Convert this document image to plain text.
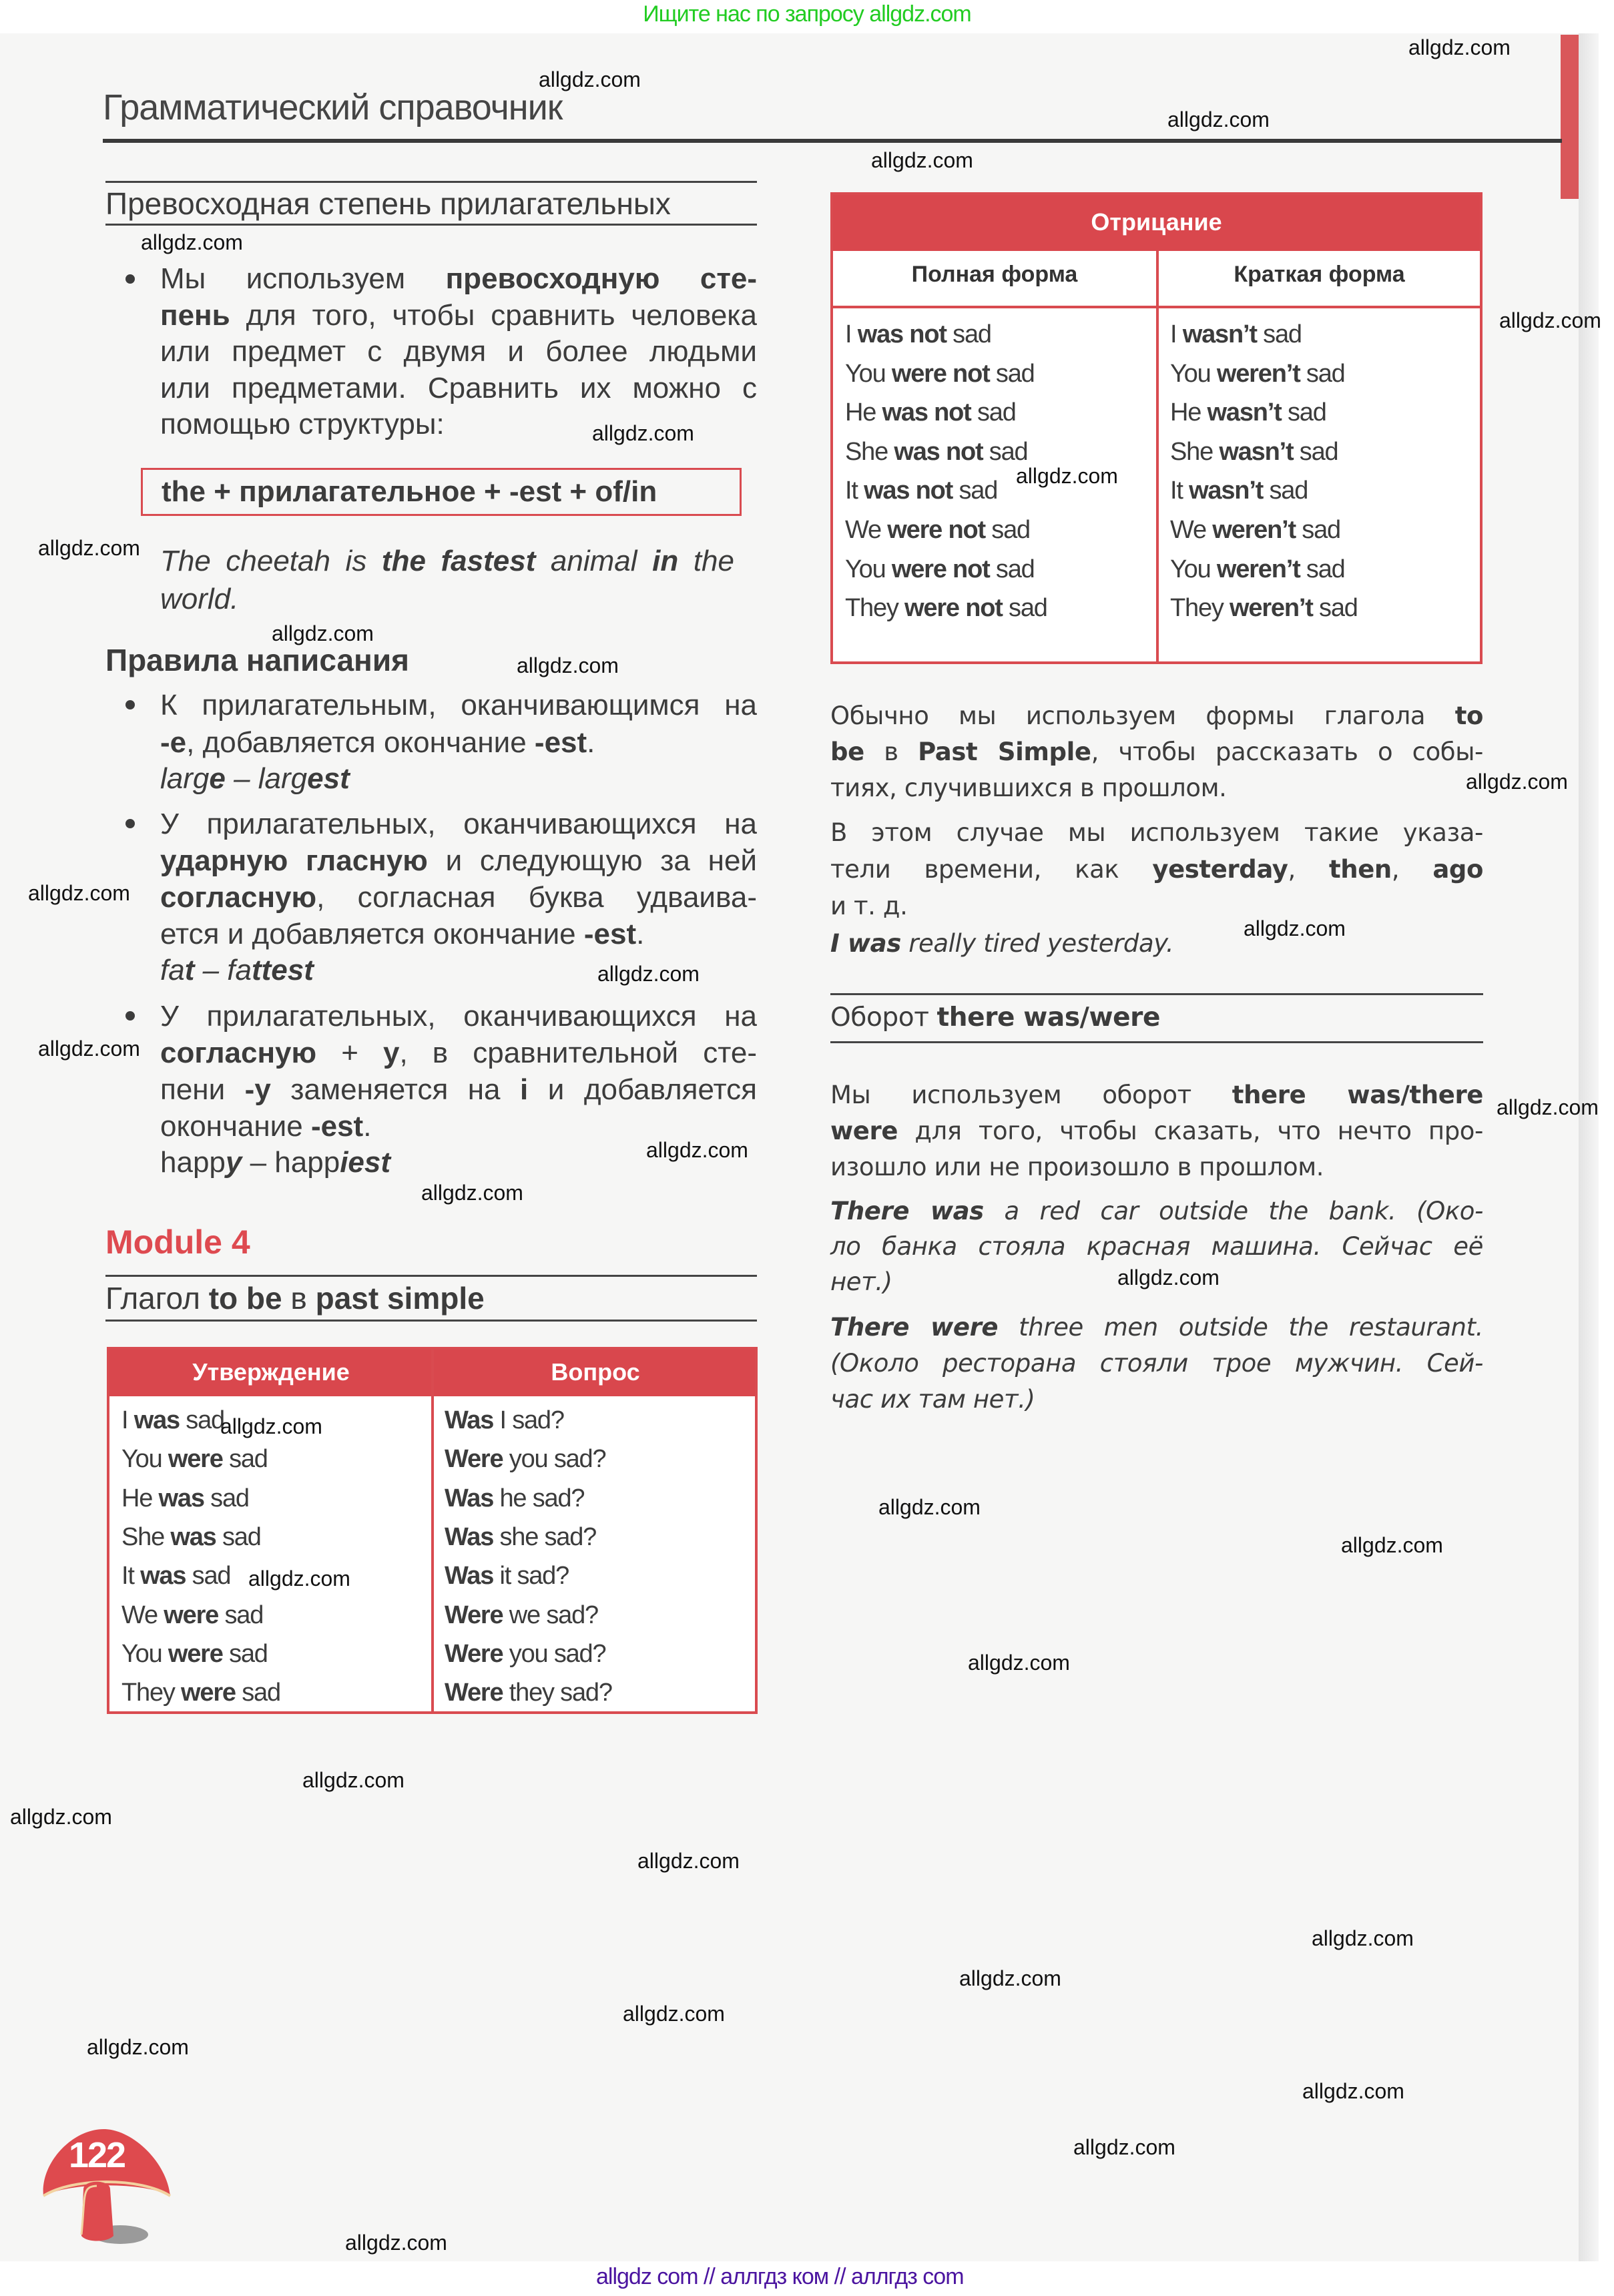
Ищите нас по запросу allgdz.com
Грамматический справочник
Превосходная степень прилагательных
Мы используем превосходную сте-
пень для того, чтобы сравнить человека
или предмет с двумя и более людьми
или предметами. Сравнить их можно с
помощью структуры:
the + прилагательное + -est + of/in
The cheetah is the fastest animal in the
world.
Правила написания
К прилагательным, оканчивающимся на
-e, добавляется окончание -est.
large – largest
У прилагательных, оканчивающихся на
ударную гласную и следующую за ней
согласную, согласная буква удваива-
ется и добавляется окончание -est.
fat – fattest
У прилагательных, оканчивающихся на
согласную + y, в сравнительной сте-
пени -y заменяется на i и добавляется
окончание -est.
happy – happiest
Module 4
Глагол to be в past simple
Утверждение	Вопрос
I was sad
You were sad
He was sad
She was sad
It was sad
We were sad
You were sad
They were sad
Was I sad?
Were you sad?
Was he sad?
Was she sad?
Was it sad?
Were we sad?
Were you sad?
Were they sad?
Отрицание
Полная форма	Краткая форма
I was not sad
You were not sad
He was not sad
She was not sad
It was not sad
We were not sad
You were not sad
They were not sad
I wasn’t sad
You weren’t sad
He wasn’t sad
She wasn’t sad
It wasn’t sad
We weren’t sad
You weren’t sad
They weren’t sad
Обычно мы используем формы глагола to
be в Past Simple, чтобы рассказать о собы-
тиях, случившихся в прошлом.
В этом случае мы используем такие указа-
тели времени, как yesterday, then, ago
и т. д.
I was really tired yesterday.
Оборот there was/were
Мы используем оборот there was/there
were для того, чтобы сказать, что нечто про-
изошло или не произошло в прошлом.
There was a red car outside the bank. (Око-
ло банка стояла красная машина. Сейчас её
нет.)
There were three men outside the restaurant.
(Около ресторана стояли трое мужчин. Сей-
час их там нет.)
122
allgdz com // аллгдз ком // аллгдз com
allgdz.com
allgdz.com
allgdz.com
allgdz.com
allgdz.com
allgdz.com
allgdz.com
allgdz.com
allgdz.com
allgdz.com
allgdz.com
allgdz.com
allgdz.com
allgdz.com
allgdz.com
allgdz.com
allgdz.com
allgdz.com
allgdz.com
allgdz.com
allgdz.com
allgdz.com
allgdz.com
allgdz.com
allgdz.com
allgdz.com
allgdz.com
allgdz.com
allgdz.com
allgdz.com
allgdz.com
allgdz.com
allgdz.com
allgdz.com
allgdz.com
